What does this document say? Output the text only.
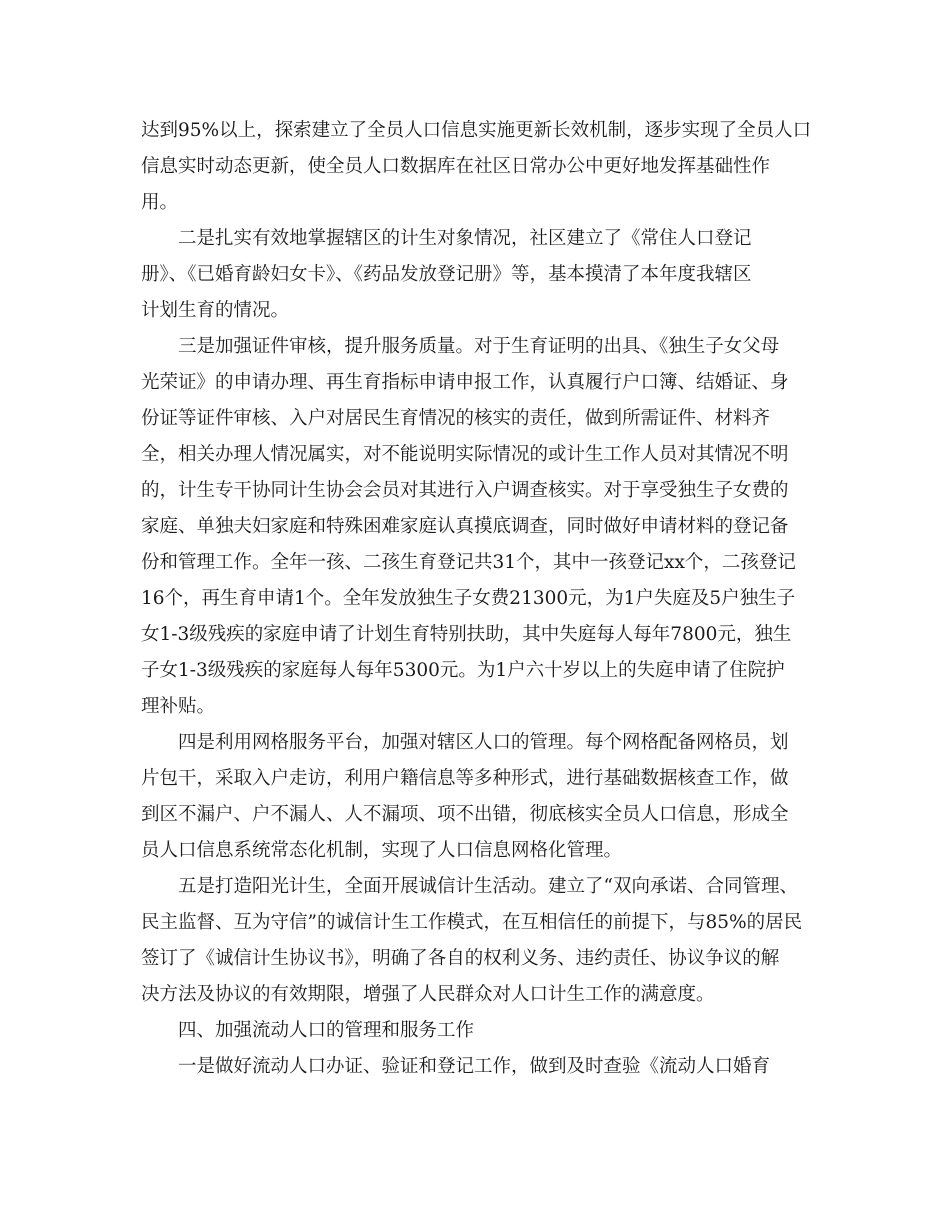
达到95%以上，探索建立了全员人口信息实施更新长效机制，逐步实现了全员人口
信息实时动态更新，使全员人口数据库在社区日常办公中更好地发挥基础性作
用。
二是扎实有效地掌握辖区的计生对象情况，社区建立了《常住人口登记
册》、《已婚育龄妇女卡》、《药品发放登记册》等，基本摸清了本年度我辖区
计划生育的情况。
三是加强证件审核，提升服务质量。对于生育证明的出具、《独生子女父母
光荣证》的申请办理、再生育指标申请申报工作，认真履行户口簿、结婚证、身
份证等证件审核、入户对居民生育情况的核实的责任，做到所需证件、材料齐
全，相关办理人情况属实，对不能说明实际情况的或计生工作人员对其情况不明
的，计生专干协同计生协会会员对其进行入户调查核实。对于享受独生子女费的
家庭、单独夫妇家庭和特殊困难家庭认真摸底调查，同时做好申请材料的登记备
份和管理工作。全年一孩、二孩生育登记共31个，其中一孩登记xx个，二孩登记
16个，再生育申请1个。全年发放独生子女费21300元，为1户失庭及5户独生子
女1-3级残疾的家庭申请了计划生育特别扶助，其中失庭每人每年7800元，独生
子女1-3级残疾的家庭每人每年5300元。为1户六十岁以上的失庭申请了住院护
理补贴。
四是利用网格服务平台，加强对辖区人口的管理。每个网格配备网格员，划
片包干，采取入户走访，利用户籍信息等多种形式，进行基础数据核查工作，做
到区不漏户、户不漏人、人不漏项、项不出错，彻底核实全员人口信息，形成全
员人口信息系统常态化机制，实现了人口信息网格化管理。
五是打造阳光计生，全面开展诚信计生活动。建立了“双向承诺、合同管理、
民主监督、互为守信”的诚信计生工作模式，在互相信任的前提下，与85%的居民
签订了《诚信计生协议书》，明确了各自的权利义务、违约责任、协议争议的解
决方法及协议的有效期限，增强了人民群众对人口计生工作的满意度。
四、加强流动人口的管理和服务工作
一是做好流动人口办证、验证和登记工作，做到及时查验《流动人口婚育
